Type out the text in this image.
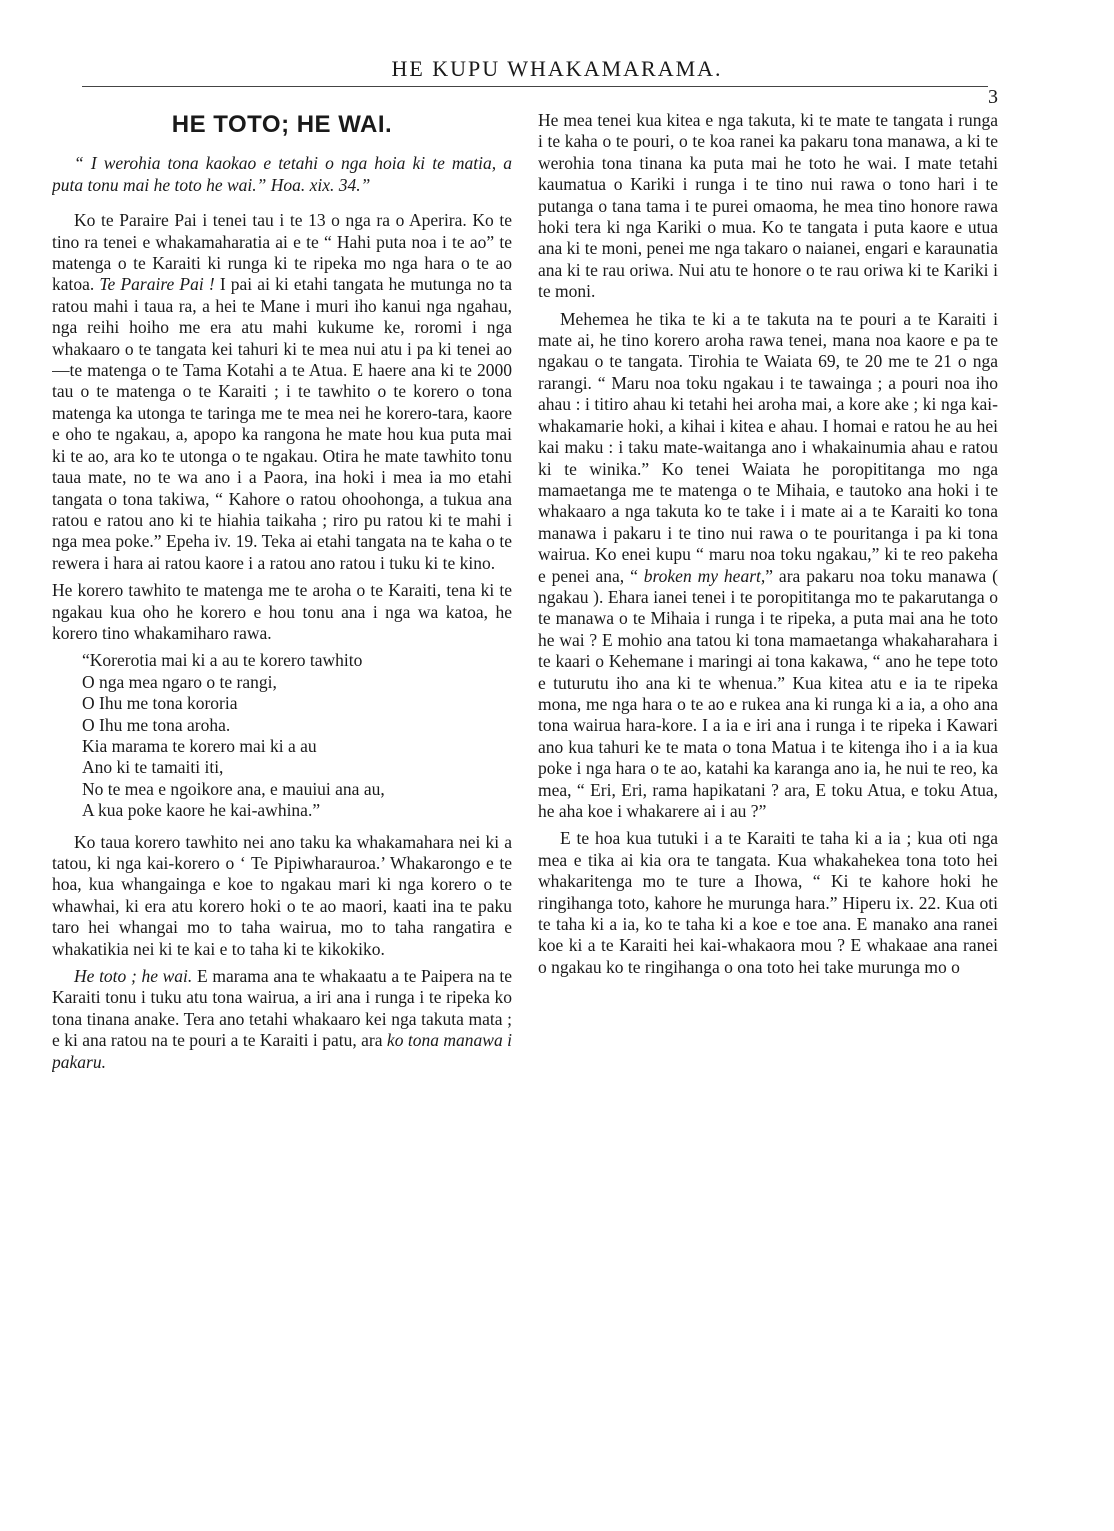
HE KUPU WHAKAMARAMA.
3
HE TOTO; HE WAI.
“ I werohia tona kaokao e tetahi o nga hoia ki te matia, a puta tonu mai he toto he wai.” Hoa. xix. 34.”

Ko te Paraire Pai i tenei tau i te 13 o nga ra o Aperira. Ko te tino ra tenei e whakamaharatia ai e te “ Hahi puta noa i te ao” te matenga o te Karaiti ki runga ki te ripeka mo nga hara o te ao katoa. Te Paraire Pai ! I pai ai ki etahi tangata he mutunga no ta ratou mahi i taua ra, a hei te Mane i muri iho kanui nga ngahau, nga reihi hoiho me era atu mahi kukume ke, roromi i nga whakaaro o te tangata kei tahuri ki te mea nui atu i pa ki tenei ao —te matenga o te Tama Kotahi a te Atua. E haere ana ki te 2000 tau o te matenga o te Karaiti ; i te tawhito o te korero o tona matenga ka utonga te taringa me te mea nei he korero-tara, kaore e oho te ngakau, a, apopo ka rangona he mate hou kua puta mai ki te ao, ara ko te utonga o te ngakau. Otira he mate tawhito tonu taua mate, no te wa ano i a Paora, ina hoki i mea ia mo etahi tangata o tona takiwa, “ Kahore o ratou ohoohonga, a tukua ana ratou e ratou ano ki te hiahia taikaha ; riro pu ratou ki te mahi i nga mea poke.” Epeha iv. 19. Teka ai etahi tangata na te kaha o te rewera i hara ai ratou kaore i a ratou ano ratou i tuku ki te kino.

He korero tawhito te matenga me te aroha o te Karaiti, tena ki te ngakau kua oho he korero e hou tonu ana i nga wa katoa, he korero tino whakamiharo rawa.

“Korerotia mai ki a au te korero tawhito
O nga mea ngaro o te rangi,
O Ihu me tona kororia
O Ihu me tona aroha.
Kia marama te korero mai ki a au
Ano ki te tamaiti iti,
No te mea e ngoikore ana, e mauiui ana au,
A kua poke kaore he kai-awhina.”

Ko taua korero tawhito nei ano taku ka whakamahara nei ki a tatou, ki nga kai-korero o ‘ Te Pipiwharauroa.’ Whakarongo e te hoa, kua whangainga e koe to ngakau mari ki nga korero o te whawhai, ki era atu korero hoki o te ao maori, kaati ina te paku taro hei whangai mo to taha wairua, mo to taha rangatira e whakatikia nei ki te kai e to taha ki te kikokiko.

He toto ; he wai. E marama ana te whakaatu a te Paipera na te Karaiti tonu i tuku atu tona wairua, a iri ana i runga i te ripeka ko tona tinana anake. Tera ano tetahi whakaaro kei nga takuta mata ; e ki ana ratou na te pouri a te Karaiti i patu, ara ko tona manawa i pakaru.

He mea tenei kua kitea e nga takuta, ki te mate te tangata i runga i te kaha o te pouri, o te koa ranei ka pakaru tona manawa, a ki te werohia tona tinana ka puta mai he toto he wai. I mate tetahi kaumatua o Kariki i runga i te tino nui rawa o tono hari i te putanga o tana tama i te purei omaoma, he mea tino honore rawa hoki tera ki nga Kariki o mua. Ko te tangata i puta kaore e utua ana ki te moni, penei me nga takaro o naianei, engari e karaunatia ana ki te rau oriwa. Nui atu te honore o te rau oriwa ki te Kariki i te moni.

Mehemea he tika te ki a te takuta na te pouri a te Karaiti i mate ai, he tino korero aroha rawa tenei, mana noa kaore e pa te ngakau o te tangata. Tirohia te Waiata 69, te 20 me te 21 o nga rarangi. “ Maru noa toku ngakau i te tawainga ; a pouri noa iho ahau : i titiro ahau ki tetahi hei aroha mai, a kore ake ; ki nga kai-whakamarie hoki, a kihai i kitea e ahau. I homai e ratou he au hei kai maku : i taku mate-waitanga ano i whakainumia ahau e ratou ki te winika.” Ko tenei Waiata he poropititanga mo nga mamaetanga me te matenga o te Mihaia, e tautoko ana hoki i te whakaaro a nga takuta ko te take i i mate ai a te Karaiti ko tona manawa i pakaru i te tino nui rawa o te pouritanga i pa ki tona wairua. Ko enei kupu “ maru noa toku ngakau,” ki te reo pakeha e penei ana, “ broken my heart,” ara pakaru noa toku manawa ( ngakau ). Ehara ianei tenei i te poropititanga mo te pakarutanga o te manawa o te Mihaia i runga i te ripeka, a puta mai ana he toto he wai ? E mohio ana tatou ki tona mamaetanga whakaharahara i te kaari o Kehemane i maringi ai tona kakawa, “ ano he tepe toto e tuturutu iho ana ki te whenua.” Kua kitea atu e ia te ripeka mona, me nga hara o te ao e rukea ana ki runga ki a ia, a oho ana tona wairua hara-kore. I a ia e iri ana i runga i te ripeka i Kawari ano kua tahuri ke te mata o tona Matua i te kitenga iho i a ia kua poke i nga hara o te ao, katahi ka karanga ano ia, he nui te reo, ka mea, “ Eri, Eri, rama hapikatani ? ara, E toku Atua, e toku Atua, he aha koe i whakarere ai i au ?”

E te hoa kua tutuki i a te Karaiti te taha ki a ia ; kua oti nga mea e tika ai kia ora te tangata. Kua whakahekea tona toto hei whakaritenga mo te ture a Ihowa, “ Ki te kahore hoki he ringihanga toto, kahore he murunga hara.” Hiperu ix. 22. Kua oti te taha ki a ia, ko te taha ki a koe e toe ana. E manako ana ranei koe ki a te Karaiti hei kai-whakaora mou ? E whakaae ana ranei o ngakau ko te ringihanga o ona toto hei take murunga mo o
